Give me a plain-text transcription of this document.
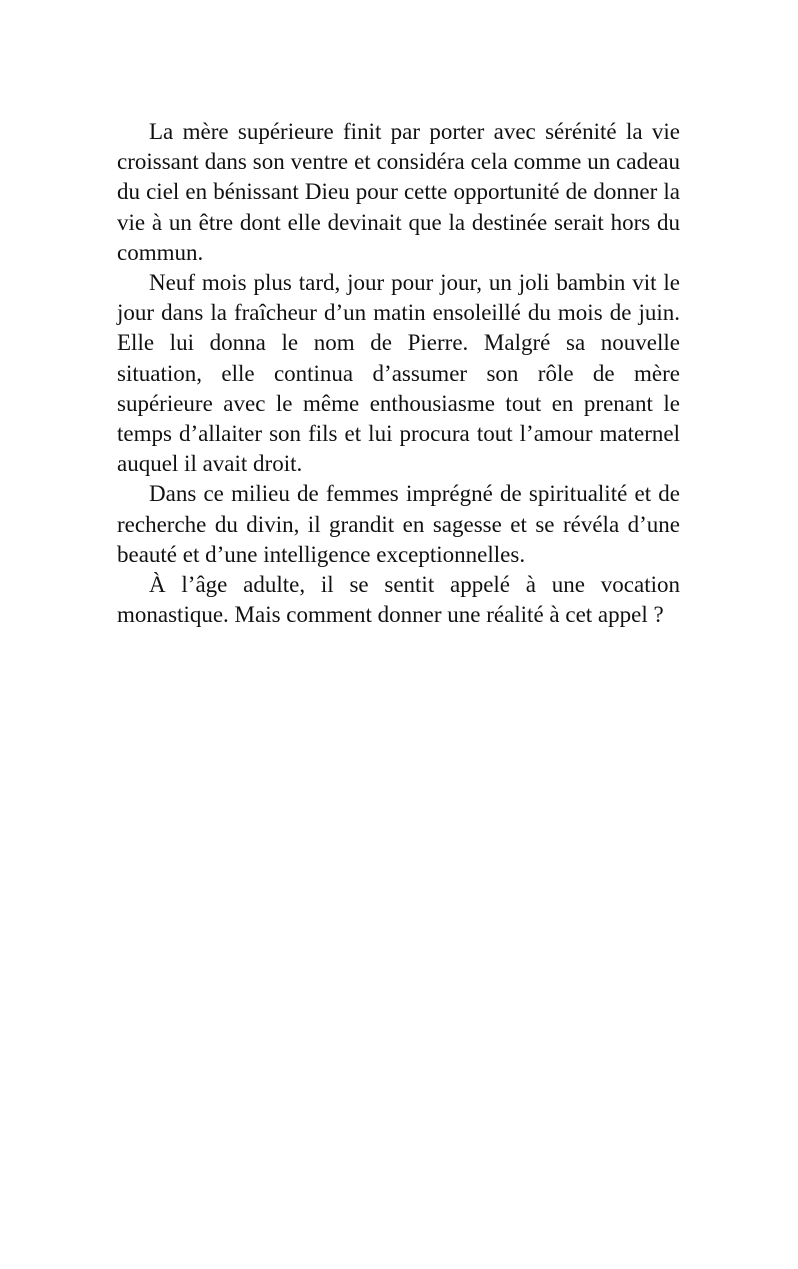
La mère supérieure finit par porter avec sérénité la vie croissant dans son ventre et considéra cela comme un cadeau du ciel en bénissant Dieu pour cette opportunité de donner la vie à un être dont elle devinait que la destinée serait hors du commun.

Neuf mois plus tard, jour pour jour, un joli bambin vit le jour dans la fraîcheur d’un matin ensoleillé du mois de juin. Elle lui donna le nom de Pierre. Malgré sa nouvelle situation, elle continua d’assumer son rôle de mère supérieure avec le même enthousiasme tout en prenant le temps d’allaiter son fils et lui procura tout l’amour maternel auquel il avait droit.

Dans ce milieu de femmes imprégné de spiritualité et de recherche du divin, il grandit en sagesse et se révéla d’une beauté et d’une intelligence exceptionnelles.

À l’âge adulte, il se sentit appelé à une vocation monastique. Mais comment donner une réalité à cet appel ?
